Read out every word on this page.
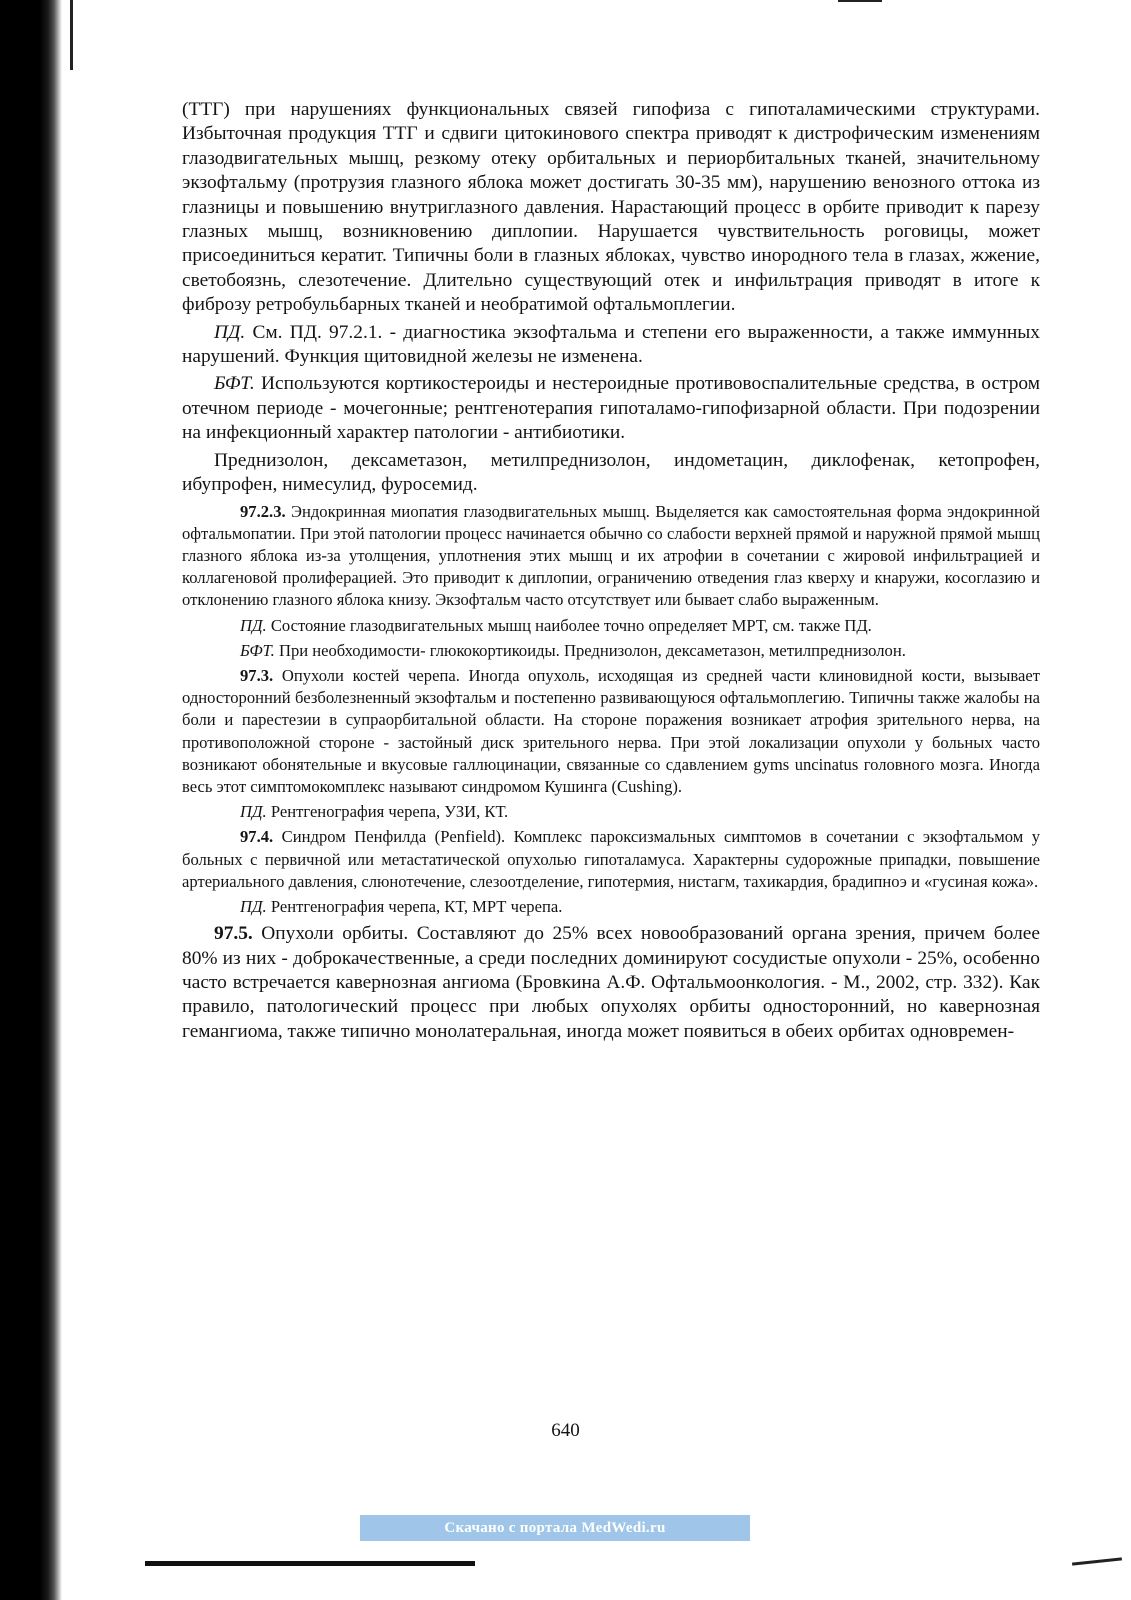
(ТТГ) при нарушениях функциональных связей гипофиза с гипоталамическими структурами. Избыточная продукция ТТГ и сдвиги цитокинового спектра приводят к дистрофическим изменениям глазодвигательных мышц, резкому отеку орбитальных и периорбитальных тканей, значительному экзофтальму (протрузия глазного яблока может достигать 30-35 мм), нарушению венозного оттока из глазницы и повышению внутриглазного давления. Нарастающий процесс в орбите приводит к парезу глазных мышц, возникновению диплопии. Нарушается чувствительность роговицы, может присоединиться кератит. Типичны боли в глазных яблоках, чувство инородного тела в глазах, жжение, светобоязнь, слезотечение. Длительно существующий отек и инфильтрация приводят в итоге к фиброзу ретробульбарных тканей и необратимой офтальмоплегии.

ПД. См. ПД. 97.2.1. - диагностика экзофтальма и степени его выраженности, а также иммунных нарушений. Функция щитовидной железы не изменена.

БФТ. Используются кортикостероиды и нестероидные противовоспалительные средства, в остром отечном периоде - мочегонные; рентгенотерапия гипоталамо-гипофизарной области. При подозрении на инфекционный характер патологии - антибиотики.

Преднизолон, дексаметазон, метилпреднизолон, индометацин, диклофенак, кетопрофен, ибупрофен, нимесулид, фуросемид.

97.2.3. Эндокринная миопатия глазодвигательных мышц. Выделяется как самостоятельная форма эндокринной офтальмопатии. При этой патологии процесс начинается обычно со слабости верхней прямой и наружной прямой мышц глазного яблока из-за утолщения, уплотнения этих мышц и их атрофии в сочетании с жировой инфильтрацией и коллагеновой пролиферацией. Это приводит к диплопии, ограничению отведения глаз кверху и кнаружи, косоглазию и отклонению глазного яблока книзу. Экзофтальм часто отсутствует или бывает слабо выраженным.

ПД. Состояние глазодвигательных мышц наиболее точно определяет МРТ, см. также ПД.

БФТ. При необходимости- глюкокортикоиды. Преднизолон, дексаметазон, метилпреднизолон.

97.3. Опухоли костей черепа. Иногда опухоль, исходящая из средней части клиновидной кости, вызывает односторонний безболезненный экзофтальм и постепенно развивающуюся офтальмоплегию. Типичны также жалобы на боли и парестезии в супраорбитальной области. На стороне поражения возникает атрофия зрительного нерва, на противоположной стороне - застойный диск зрительного нерва. При этой локализации опухоли у больных часто возникают обонятельные и вкусовые галлюцинации, связанные со сдавлением gyms uncinatus головного мозга. Иногда весь этот симптомокомплекс называют синдромом Кушинга (Cushing).

ПД. Рентгенография черепа, УЗИ, КТ.

97.4. Синдром Пенфилда (Penfield). Комплекс пароксизмальных симптомов в сочетании с экзофтальмом у больных с первичной или метастатической опухолью гипоталамуса. Характерны судорожные припадки, повышение артериального давления, слюнотечение, слезоотделение, гипотермия, нистагм, тахикардия, брадипноэ и «гусиная кожа».

ПД. Рентгенография черепа, КТ, МРТ черепа.

97.5. Опухоли орбиты. Составляют до 25% всех новообразований органа зрения, причем более 80% из них - доброкачественные, а среди последних доминируют сосудистые опухоли - 25%, особенно часто встречается кавернозная ангиома (Бровкина А.Ф. Офтальмоонкология. - М., 2002, стр. 332). Как правило, патологический процесс при любых опухолях орбиты односторонний, но кавернозная гемангиома, также типично монолатеральная, иногда может появиться в обеих орбитах одновремен-

640
Скачано с портала MedWedi.ru
